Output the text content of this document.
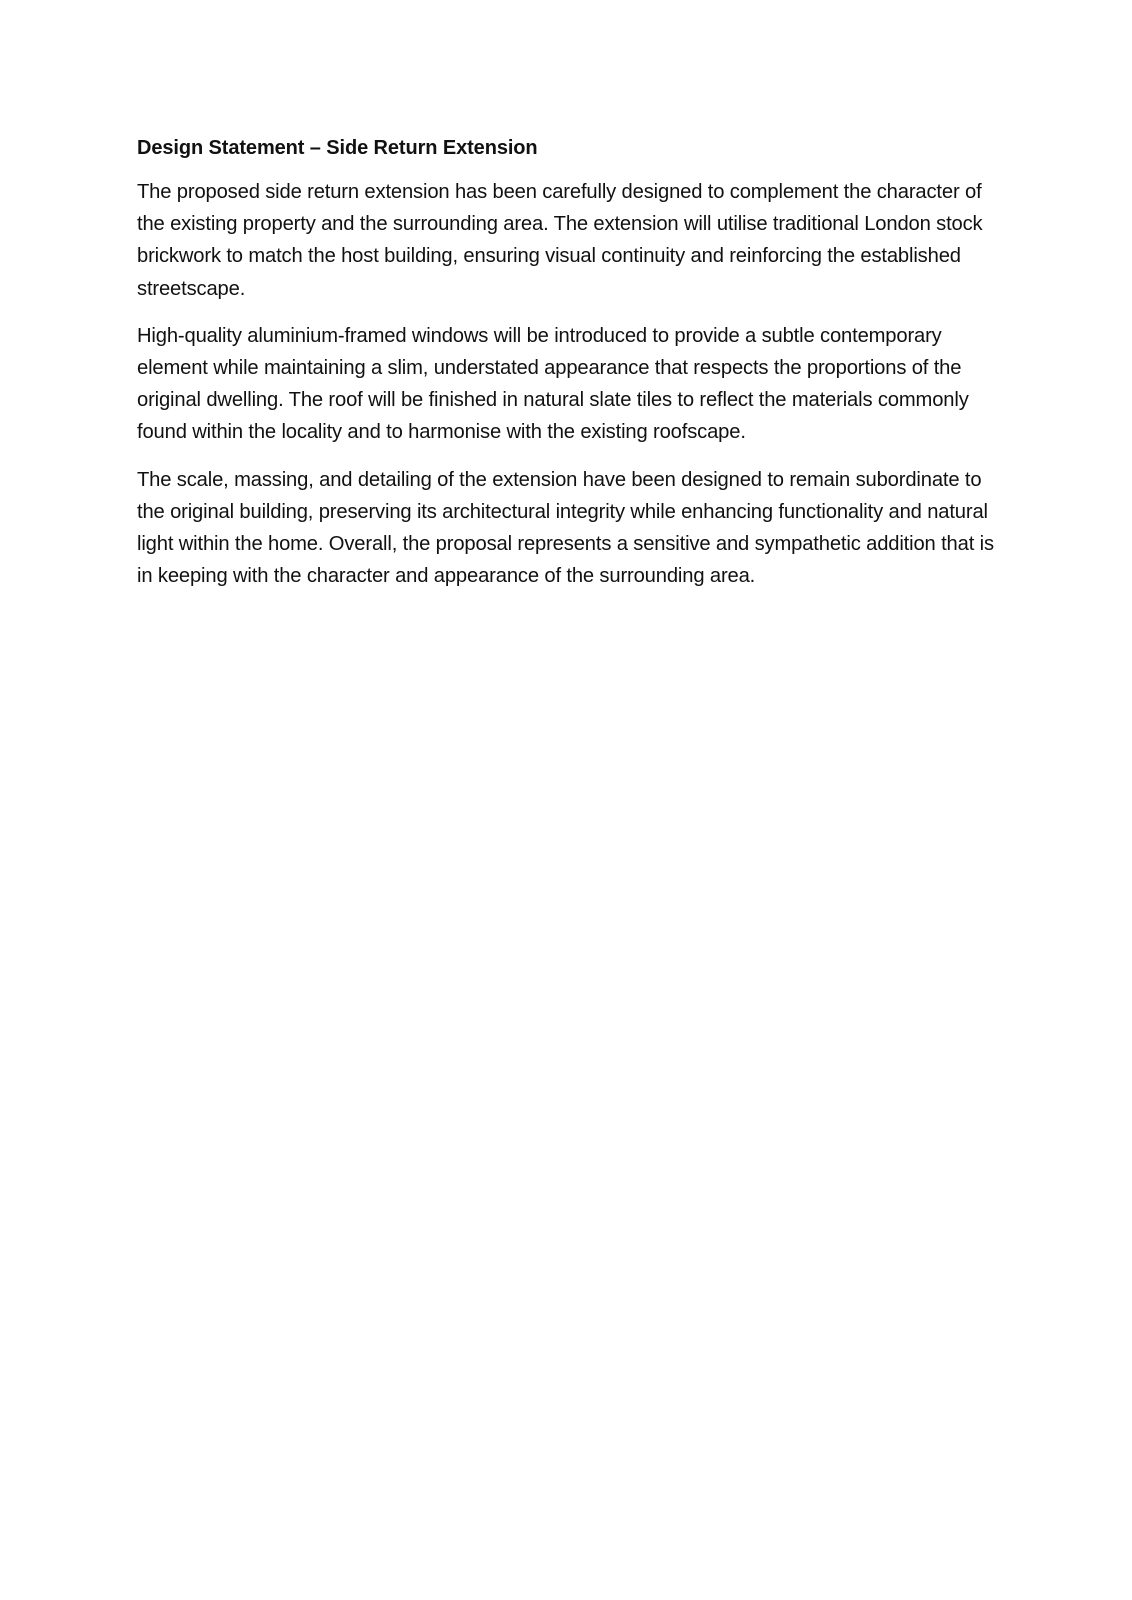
Design Statement – Side Return Extension

The proposed side return extension has been carefully designed to complement the character of the existing property and the surrounding area. The extension will utilise traditional London stock brickwork to match the host building, ensuring visual continuity and reinforcing the established streetscape.

High-quality aluminium-framed windows will be introduced to provide a subtle contemporary element while maintaining a slim, understated appearance that respects the proportions of the original dwelling. The roof will be finished in natural slate tiles to reflect the materials commonly found within the locality and to harmonise with the existing roofscape.

The scale, massing, and detailing of the extension have been designed to remain subordinate to the original building, preserving its architectural integrity while enhancing functionality and natural light within the home. Overall, the proposal represents a sensitive and sympathetic addition that is in keeping with the character and appearance of the surrounding area.
